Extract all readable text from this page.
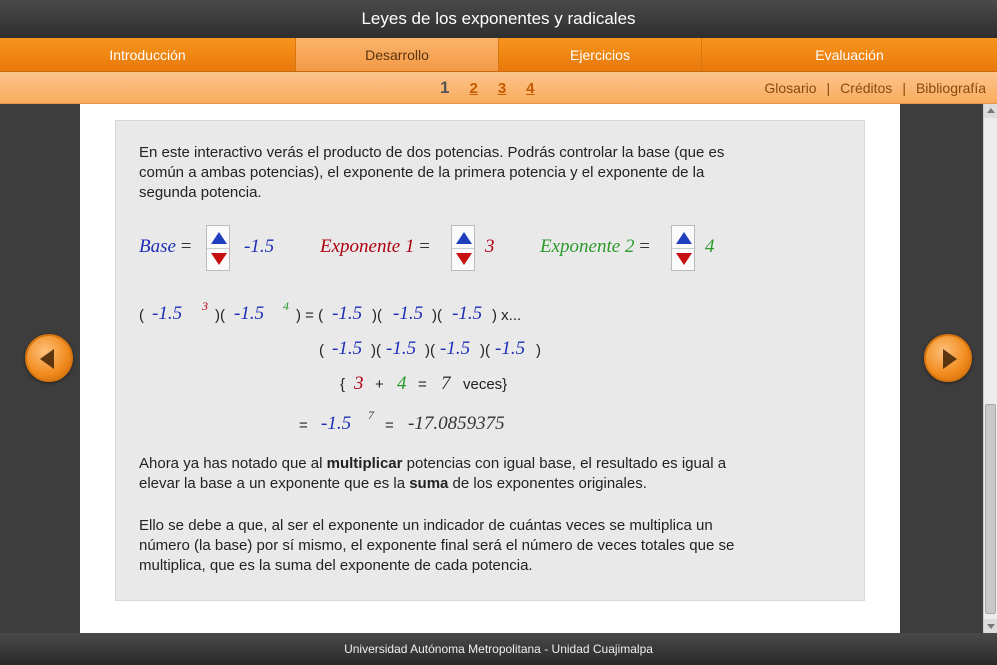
Leyes de los exponentes y radicales
Introducción	Desarrollo	Ejercicios	Evaluación
1 2 3 4	Glosario | Créditos | Bibliografía

En este interactivo verás el producto de dos potencias. Podrás controlar la base (que es común a ambas potencias), el exponente de la primera potencia y el exponente de la segunda potencia.

Base =	-1.5 Exponente 1 =	3 Exponente 2 =	4
( -1.5 3
)( -1.5 4
) = ( -1.5 )( -1.5 )( -1.5 ) x...
( -1.5 )( -1.5 )( -1.5 )( -1.5 )
{ 3 + 4 = 7 veces}
= -1.5 7
= -17.0859375

Ahora ya has notado que al multiplicar potencias con igual base, el resultado es igual a elevar la base a un exponente que es la suma de los exponentes originales.

Ello se debe a que, al ser el exponente un indicador de cuántas veces se multiplica un número (la base) por sí mismo, el exponente final será el número de veces totales que se multiplica, que es la suma del exponente de cada potencia.

Universidad Autónoma Metropolitana - Unidad Cuajimalpa
